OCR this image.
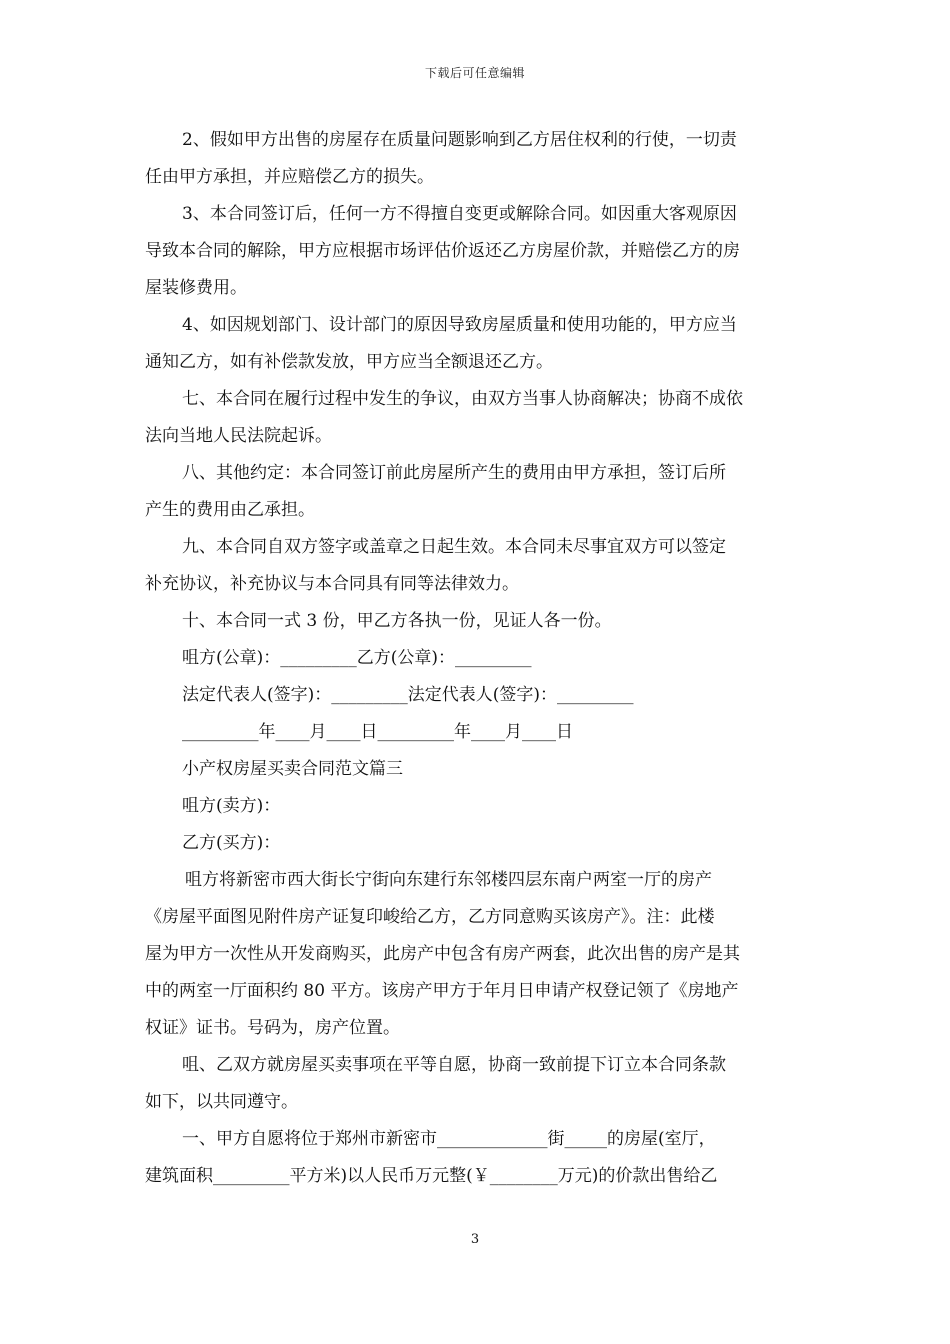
下载后可任意编辑
2、假如甲方出售的房屋存在质量问题影响到乙方居住权利的行使，一切责
任由甲方承担，并应赔偿乙方的损失。
3、本合同签订后，任何一方不得擅自变更或解除合同。如因重大客观原因
导致本合同的解除，甲方应根据市场评估价返还乙方房屋价款，并赔偿乙方的房
屋装修费用。
4、如因规划部门、设计部门的原因导致房屋质量和使用功能的，甲方应当
通知乙方，如有补偿款发放，甲方应当全额退还乙方。
七、本合同在履行过程中发生的争议，由双方当事人协商解决；协商不成依
法向当地人民法院起诉。
八、其他约定：本合同签订前此房屋所产生的费用由甲方承担，签订后所
产生的费用由乙承担。
九、本合同自双方签字或盖章之日起生效。本合同未尽事宜双方可以签定
补充协议，补充协议与本合同具有同等法律效力。
十、本合同一式 3 份，甲乙方各执一份，见证人各一份。
咀方(公章)：_________乙方(公章)：_________
法定代表人(签字)：_________法定代表人(签字)：_________
_________年____月____日_________年____月____日
小产权房屋买卖合同范文篇三
咀方(卖方)：
乙方(买方)：
咀方将新密市西大街长宁街向东建行东邻楼四层东南户两室一厅的房产
《房屋平面图见附件房产证复印峻给乙方，乙方同意购买该房产》。注：此楼
屋为甲方一次性从开发商购买，此房产中包含有房产两套，此次出售的房产是其
中的两室一厅面积约 80 平方。该房产甲方于年月日申请产权登记领了《房地产
权证》证书。号码为，房产位置。
咀、乙双方就房屋买卖事项在平等自愿，协商一致前提下订立本合同条款
如下，以共同遵守。
一、甲方自愿将位于郑州市新密市_____________街_____的房屋(室厅，
建筑面积_________平方米)以人民币万元整(￥________万元)的价款出售给乙
3
